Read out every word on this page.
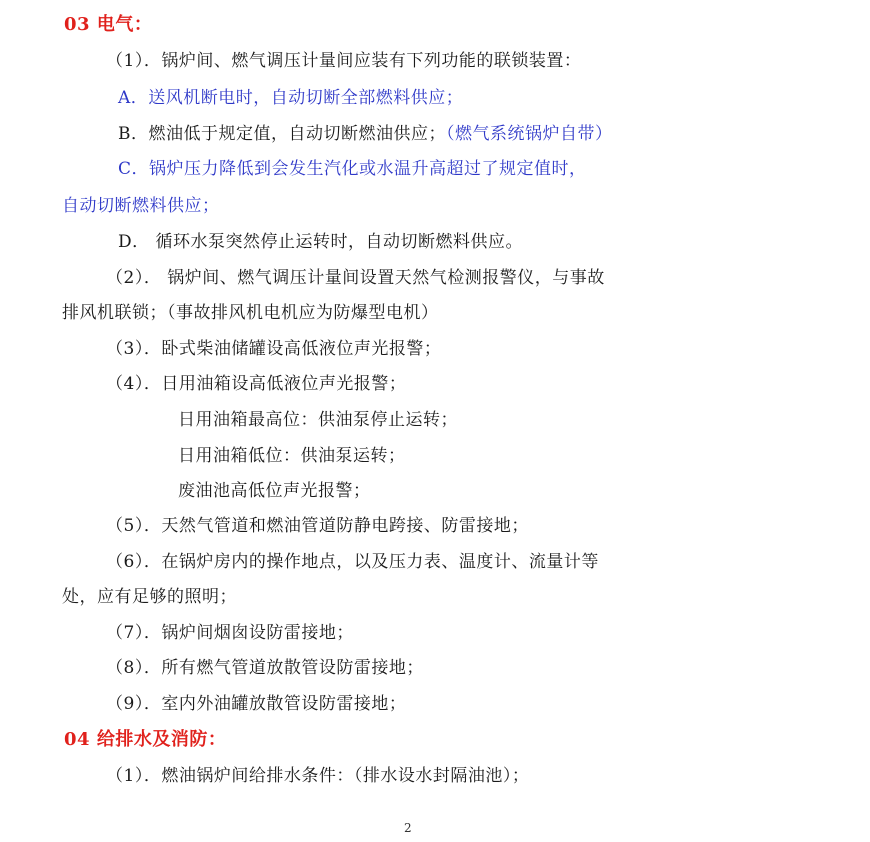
03 电气：
（1）．锅炉间、燃气调压计量间应装有下列功能的联锁装置：
A．送风机断电时，自动切断全部燃料供应；
B．燃油低于规定值，自动切断燃油供应；（燃气系统锅炉自带）
C．锅炉压力降低到会发生汽化或水温升高超过了规定值时，
自动切断燃料供应；
D． 循环水泵突然停止运转时，自动切断燃料供应。
（2）． 锅炉间、燃气调压计量间设置天然气检测报警仪，与事故
排风机联锁；（事故排风机电机应为防爆型电机）
（3）．卧式柴油储罐设高低液位声光报警；
（4）．日用油箱设高低液位声光报警；
日用油箱最高位：供油泵停止运转；
日用油箱低位：供油泵运转；
废油池高低位声光报警；
（5）．天然气管道和燃油管道防静电跨接、防雷接地；
（6）．在锅炉房内的操作地点，以及压力表、温度计、流量计等
处，应有足够的照明；
（7）．锅炉间烟囱设防雷接地；
（8）．所有燃气管道放散管设防雷接地；
（9）．室内外油罐放散管设防雷接地；
04 给排水及消防：
（1）．燃油锅炉间给排水条件：（排水设水封隔油池）；
2
